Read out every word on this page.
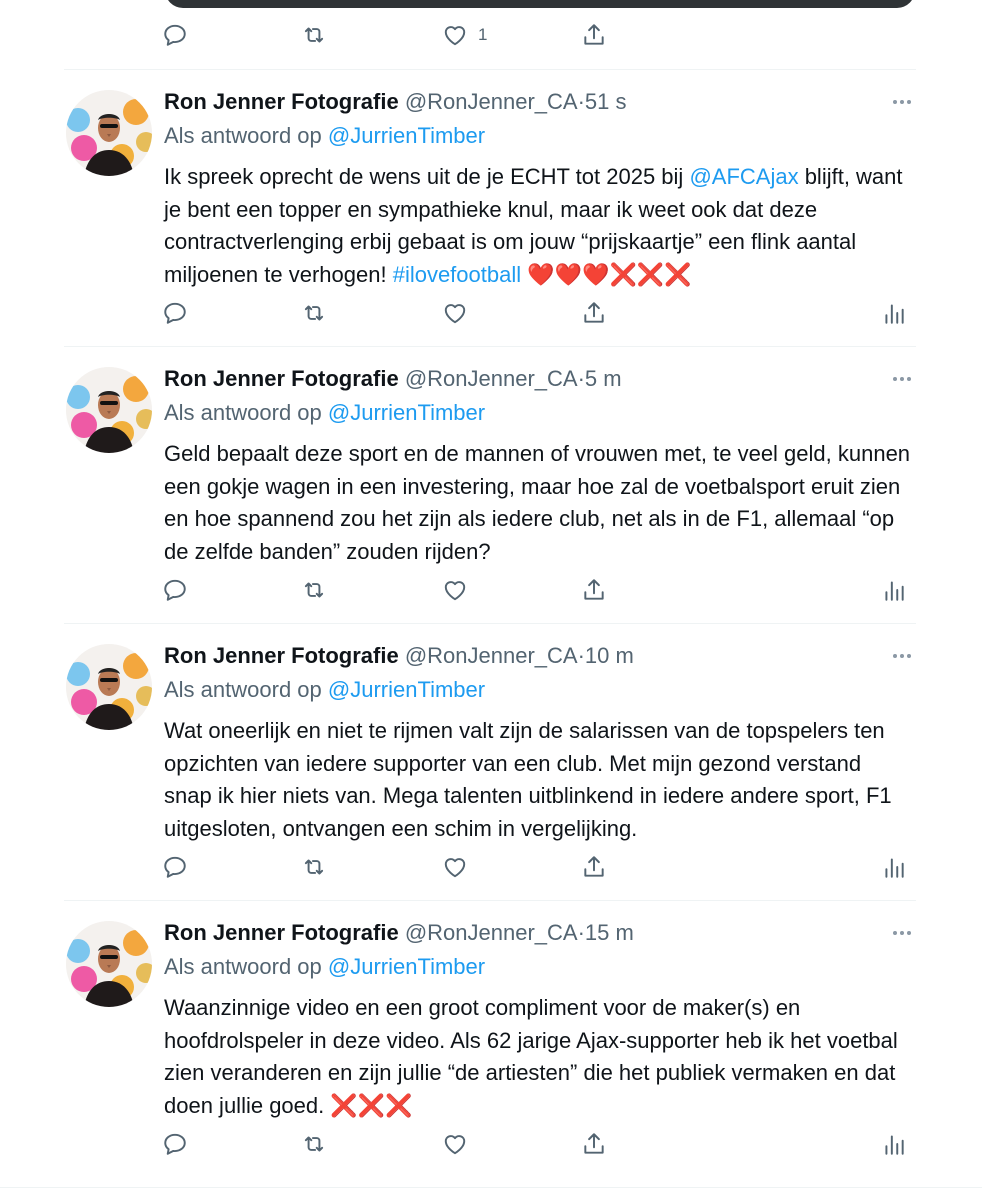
1
Ron Jenner Fotografie @RonJenner_CA·51 s
Als antwoord op @JurrienTimber
Ik spreek oprecht de wens uit de je ECHT tot 2025 bij @AFCAjax blijft, want je bent een topper en sympathieke knul, maar ik weet ook dat deze contractverlenging erbij gebaat is om jouw “prijskaartje” een flink aantal miljoenen te verhogen! #ilovefootball ❤️❤️❤️❌❌❌
Ron Jenner Fotografie @RonJenner_CA·5 m
Als antwoord op @JurrienTimber
Geld bepaalt deze sport en de mannen of vrouwen met, te veel geld, kunnen een gokje wagen in een investering, maar hoe zal de voetbalsport eruit zien en hoe spannend zou het zijn als iedere club, net als in de F1, allemaal “op de zelfde banden” zouden rijden?
Ron Jenner Fotografie @RonJenner_CA·10 m
Als antwoord op @JurrienTimber
Wat oneerlijk en niet te rijmen valt zijn de salarissen van de topspelers ten opzichten van iedere supporter van een club. Met mijn gezond verstand snap ik hier niets van. Mega talenten uitblinkend in iedere andere sport, F1 uitgesloten, ontvangen een schim in vergelijking.
Ron Jenner Fotografie @RonJenner_CA·15 m
Als antwoord op @JurrienTimber
Waanzinnige video en een groot compliment voor de maker(s) en hoofdrolspeler in deze video. Als 62 jarige Ajax-supporter heb ik het voetbal zien veranderen en zijn jullie “de artiesten” die het publiek vermaken en dat doen jullie goed. ❌❌❌
